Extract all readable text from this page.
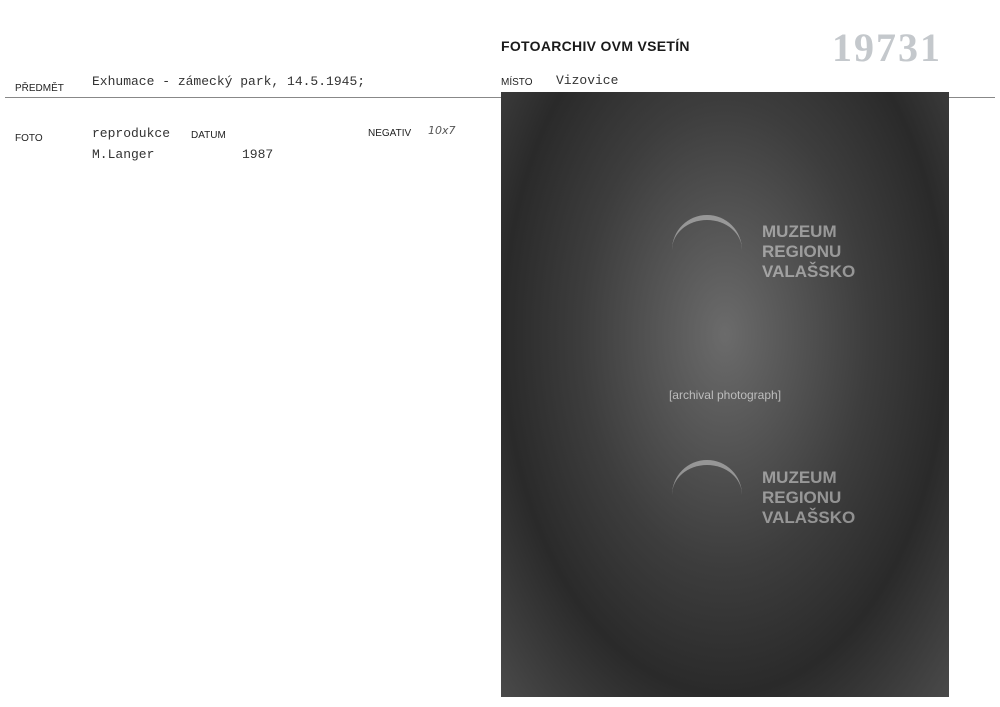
FOTOARCHIV OVM VSETÍN	19731
PŘEDMĚT Exhumace - zámecký park, 14.5.1945;	MÍSTO Vizovice
FOTO	reprodukce DATUM	NEGATIV 10x7
M.Langer	1987
[archival photograph]
MUZEUM
REGIONU
VALAŠSKO
MUZEUM
REGIONU
VALAŠSKO
